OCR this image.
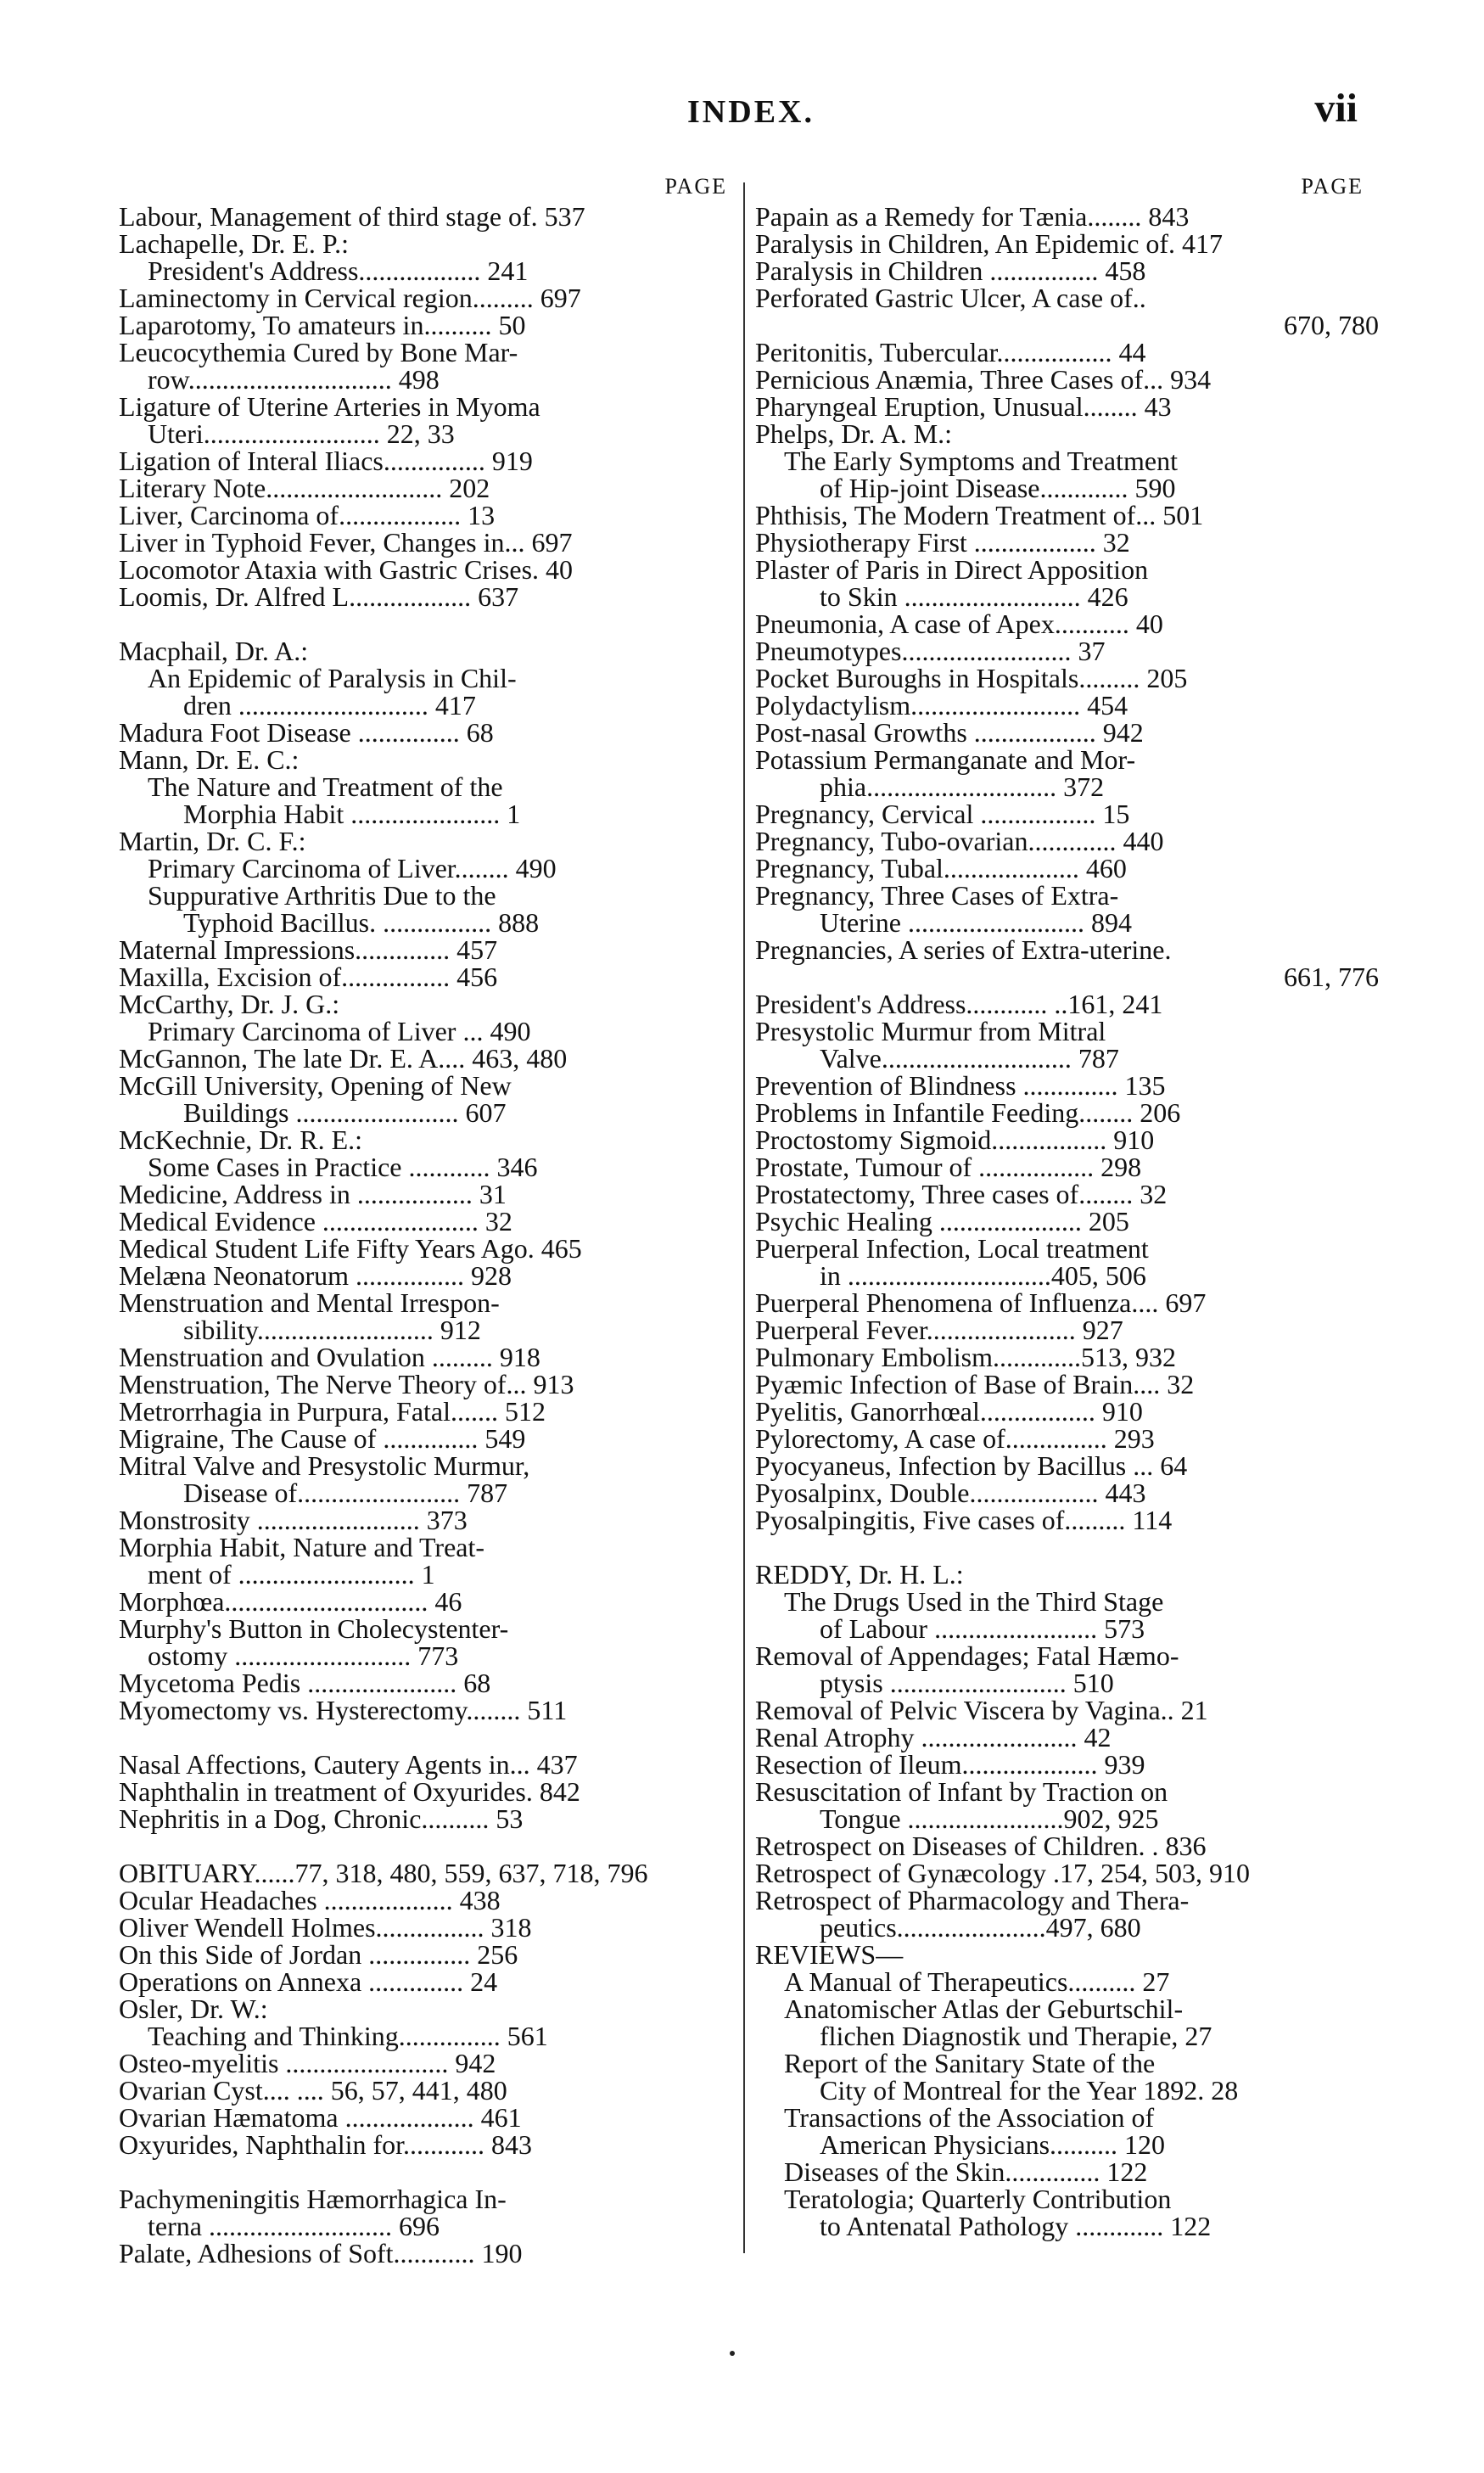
INDEX.	vii
PAGE
Labour, Management of third stage of. 537
Lachapelle, Dr. E. P.:
President's Address.................. 241
Laminectomy in Cervical region......... 697
Laparotomy, To amateurs in.......... 50
Leucocythemia Cured by Bone Mar-
row.............................. 498
Ligature of Uterine Arteries in Myoma
Uteri.......................... 22, 33
Ligation of Interal Iliacs............... 919
Literary Note.......................... 202
Liver, Carcinoma of.................. 13
Liver in Typhoid Fever, Changes in... 697
Locomotor Ataxia with Gastric Crises. 40
Loomis, Dr. Alfred L.................. 637
Macphail, Dr. A.:
An Epidemic of Paralysis in Chil-
dren ............................ 417
Madura Foot Disease ............... 68
Mann, Dr. E. C.:
The Nature and Treatment of the
Morphia Habit ...................... 1
Martin, Dr. C. F.:
Primary Carcinoma of Liver........ 490
Suppurative Arthritis Due to the
Typhoid Bacillus. ................ 888
Maternal Impressions.............. 457
Maxilla, Excision of................ 456
McCarthy, Dr. J. G.:
Primary Carcinoma of Liver ... 490
McGannon, The late Dr. E. A.... 463, 480
McGill University, Opening of New
Buildings ........................ 607
McKechnie, Dr. R. E.:
Some Cases in Practice ............ 346
Medicine, Address in ................. 31
Medical Evidence ....................... 32
Medical Student Life Fifty Years Ago. 465
Melæna Neonatorum ................ 928
Menstruation and Mental Irrespon-
sibility.......................... 912
Menstruation and Ovulation ......... 918
Menstruation, The Nerve Theory of... 913
Metrorrhagia in Purpura, Fatal....... 512
Migraine, The Cause of .............. 549
Mitral Valve and Presystolic Murmur,
Disease of........................ 787
Monstrosity ........................ 373
Morphia Habit, Nature and Treat-
ment of .......................... 1
Morphœa.............................. 46
Murphy's Button in Cholecystenter-
ostomy .......................... 773
Mycetoma Pedis ...................... 68
Myomectomy vs. Hysterectomy........ 511
Nasal Affections, Cautery Agents in... 437
Naphthalin in treatment of Oxyurides. 842
Nephritis in a Dog, Chronic.......... 53
OBITUARY......77, 318, 480, 559, 637, 718, 796
Ocular Headaches ................... 438
Oliver Wendell Holmes................ 318
On this Side of Jordan ............... 256
Operations on Annexa .............. 24
Osler, Dr. W.:
Teaching and Thinking............... 561
Osteo-myelitis ........................ 942
Ovarian Cyst.... .... 56, 57, 441, 480
Ovarian Hæmatoma ................... 461
Oxyurides, Naphthalin for............ 843
Pachymeningitis Hæmorrhagica In-
terna ........................... 696
Palate, Adhesions of Soft............ 190
PAGE
Papain as a Remedy for Tænia........ 843
Paralysis in Children, An Epidemic of. 417
Paralysis in Children ................ 458
Perforated Gastric Ulcer, A case of..
670, 780
Peritonitis, Tubercular................. 44
Pernicious Anæmia, Three Cases of... 934
Pharyngeal Eruption, Unusual........ 43
Phelps, Dr. A. M.:
The Early Symptoms and Treatment
of Hip-joint Disease............. 590
Phthisis, The Modern Treatment of... 501
Physiotherapy First .................. 32
Plaster of Paris in Direct Apposition
to Skin .......................... 426
Pneumonia, A case of Apex........... 40
Pneumotypes......................... 37
Pocket Buroughs in Hospitals......... 205
Polydactylism......................... 454
Post-nasal Growths .................. 942
Potassium Permanganate and Mor-
phia............................ 372
Pregnancy, Cervical ................. 15
Pregnancy, Tubo-ovarian............. 440
Pregnancy, Tubal.................... 460
Pregnancy, Three Cases of Extra-
Uterine .......................... 894
Pregnancies, A series of Extra-uterine.
661, 776
President's Address............ ..161, 241
Presystolic Murmur from Mitral
Valve............................ 787
Prevention of Blindness .............. 135
Problems in Infantile Feeding........ 206
Proctostomy Sigmoid................. 910
Prostate, Tumour of ................. 298
Prostatectomy, Three cases of........ 32
Psychic Healing ..................... 205
Puerperal Infection, Local treatment
in ..............................405, 506
Puerperal Phenomena of Influenza.... 697
Puerperal Fever...................... 927
Pulmonary Embolism.............513, 932
Pyæmic Infection of Base of Brain.... 32
Pyelitis, Ganorrhœal................. 910
Pylorectomy, A case of............... 293
Pyocyaneus, Infection by Bacillus ... 64
Pyosalpinx, Double................... 443
Pyosalpingitis, Five cases of......... 114
REDDY, Dr. H. L.:
The Drugs Used in the Third Stage
of Labour ........................ 573
Removal of Appendages; Fatal Hæmo-
ptysis .......................... 510
Removal of Pelvic Viscera by Vagina.. 21
Renal Atrophy ....................... 42
Resection of Ileum.................... 939
Resuscitation of Infant by Traction on
Tongue .......................902, 925
Retrospect on Diseases of Children. . 836
Retrospect of Gynæcology .17, 254, 503, 910
Retrospect of Pharmacology and Thera-
peutics......................497, 680
REVIEWS—
A Manual of Therapeutics.......... 27
Anatomischer Atlas der Geburtschil-
flichen Diagnostik und Therapie, 27
Report of the Sanitary State of the
City of Montreal for the Year 1892. 28
Transactions of the Association of
American Physicians.......... 120
Diseases of the Skin.............. 122
Teratologia; Quarterly Contribution
to Antenatal Pathology ............. 122
